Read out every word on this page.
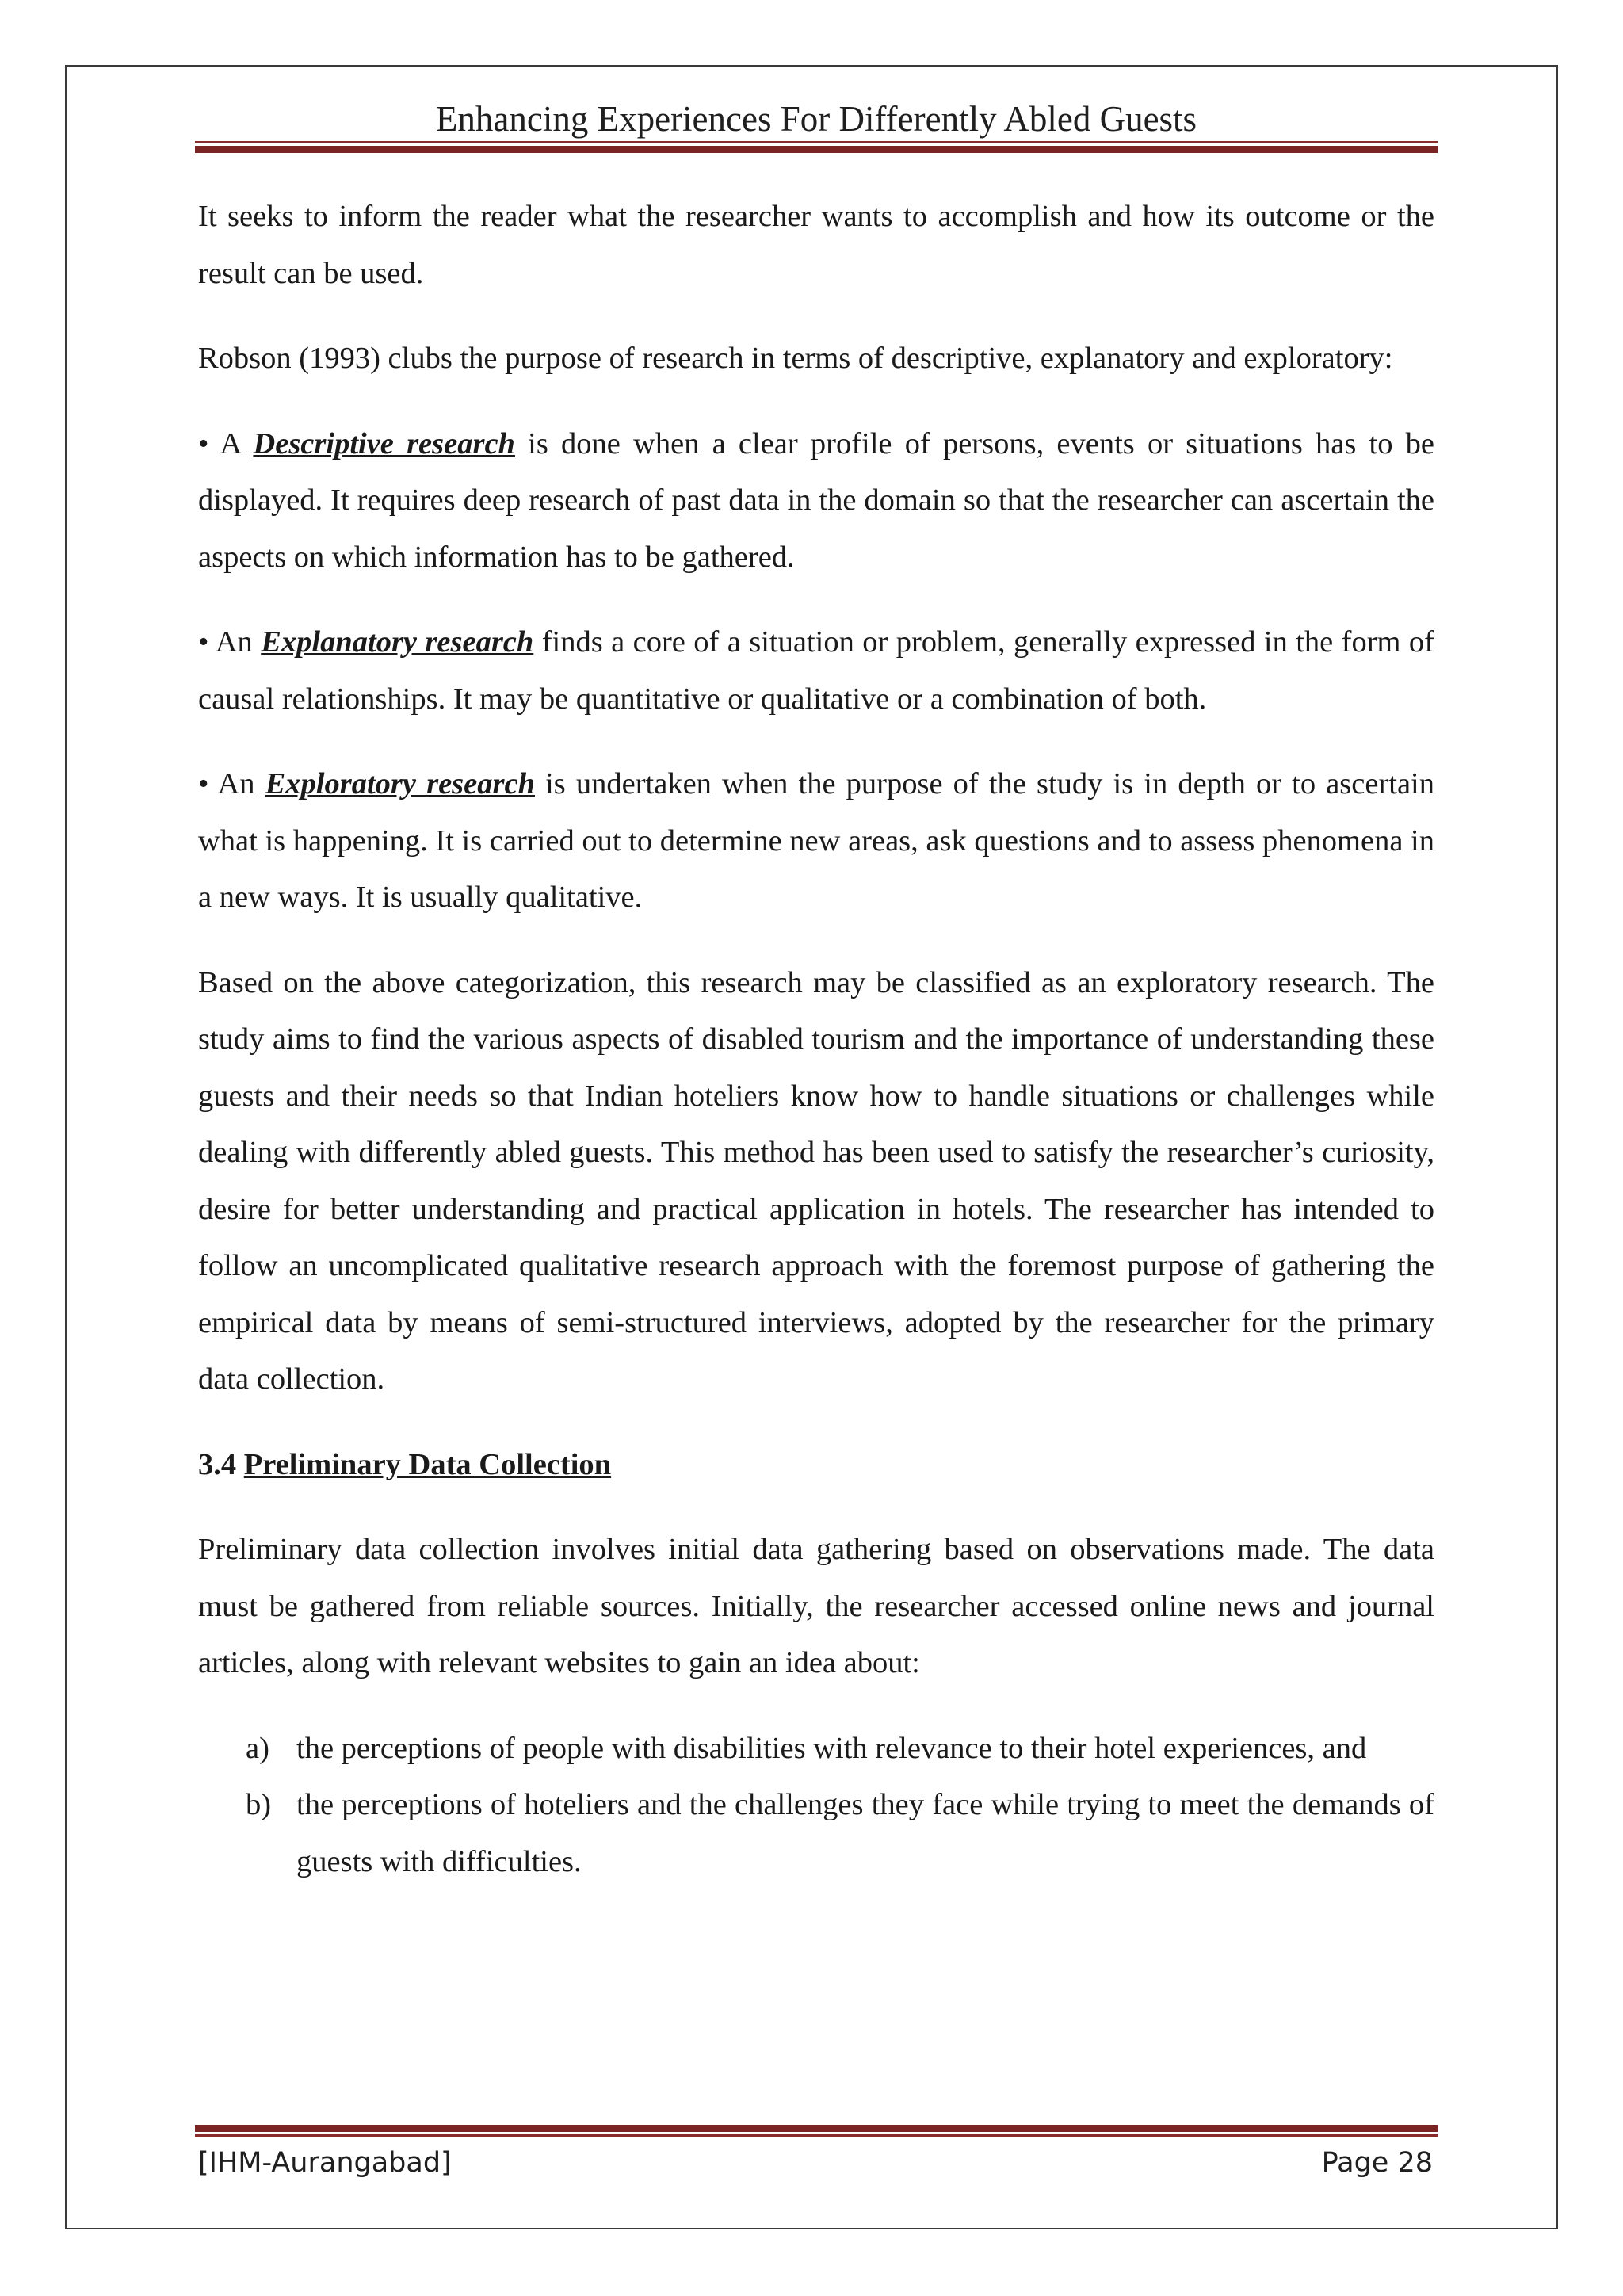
Enhancing Experiences For Differently Abled Guests

It seeks to inform the reader what the researcher wants to accomplish and how its outcome or the result can be used.

Robson (1993) clubs the purpose of research in terms of descriptive, explanatory and exploratory:

• A Descriptive research is done when a clear profile of persons, events or situations has to be displayed. It requires deep research of past data in the domain so that the researcher can ascertain the aspects on which information has to be gathered.

• An Explanatory research finds a core of a situation or problem, generally expressed in the form of causal relationships. It may be quantitative or qualitative or a combination of both.

• An Exploratory research is undertaken when the purpose of the study is in depth or to ascertain what is happening. It is carried out to determine new areas, ask questions and to assess phenomena in a new ways. It is usually qualitative.

Based on the above categorization, this research may be classified as an exploratory research. The study aims to find the various aspects of disabled tourism and the importance of understanding these guests and their needs so that Indian hoteliers know how to handle situations or challenges while dealing with differently abled guests. This method has been used to satisfy the researcher’s curiosity, desire for better understanding and practical application in hotels. The researcher has intended to follow an uncomplicated qualitative research approach with the foremost purpose of gathering the empirical data by means of semi-structured interviews, adopted by the researcher for the primary data collection.

3.4 Preliminary Data Collection

Preliminary data collection involves initial data gathering based on observations made. The data must be gathered from reliable sources. Initially, the researcher accessed online news and journal articles, along with relevant websites to gain an idea about:

a) the perceptions of people with disabilities with relevance to their hotel experiences, and
b) the perceptions of hoteliers and the challenges they face while trying to meet the demands of guests with difficulties.
[IHM-Aurangabad]	Page 28
